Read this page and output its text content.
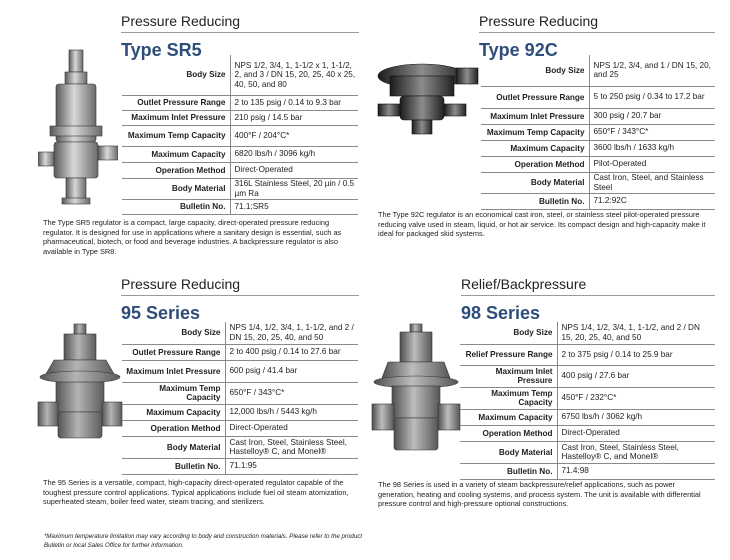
Pressure Reducing
Type SR5
Body Size	NPS 1/2, 3/4, 1, 1-1/2 x 1, 1-1/2, 2, and 3 / DN 15, 20, 25, 40 x 25, 40, 50, and 80
Outlet Pressure Range	2 to 135 psig / 0.14 to 9.3 bar
Maximum Inlet Pressure	210 psig / 14.5 bar
Maximum Temp Capacity	400°F / 204°C*
Maximum Capacity	6820 lbs/h / 3096 kg/h
Operation Method	Direct-Operated
Body Material	316L Stainless Steel, 20 µin / 0.5 µm Ra
Bulletin No.	71.1:SR5

The Type SR5 regulator is a compact, large capacity, direct-operated pressure reducing regulator. It is designed for use in applications where a sanitary design is essential, such as pharmaceutical, biotech, or food and beverage industries. A backpressure regulator is also available in Type SR8.

Pressure Reducing
Type 92C
Body Size	NPS 1/2, 3/4, and 1 / DN 15, 20, and 25
Outlet Pressure Range	5 to 250 psig / 0.34 to 17.2 bar
Maximum Inlet Pressure	300 psig / 20.7 bar
Maximum Temp Capacity	650°F / 343°C*
Maximum Capacity	3600 lbs/h / 1633 kg/h
Operation Method	Pilot-Operated
Body Material	Cast Iron, Steel, and Stainless Steel
Bulletin No.	71.2:92C

The Type 92C regulator is an economical cast iron, steel, or stainless steel pilot-operated pressure reducing valve used in steam, liquid, or hot air service. Its compact design and high-capacity make it ideal for packaged skid systems.

Pressure Reducing
95 Series
Body Size	NPS 1/4, 1/2, 3/4, 1, 1-1/2, and 2 / DN 15, 20, 25, 40, and 50
Outlet Pressure Range	2 to 400 psig / 0.14 to 27.6 bar
Maximum Inlet Pressure	600 psig / 41.4 bar
Maximum Temp Capacity	650°F / 343°C*
Maximum Capacity	12,000 lbs/h / 5443 kg/h
Operation Method	Direct-Operated
Body Material	Cast Iron, Steel, Stainless Steel, Hastelloy® C, and Monel®
Bulletin No.	71.1:95

The 95 Series is a versatile, compact, high-capacity direct-operated regulator capable of the toughest pressure control applications. Typical applications include fuel oil steam atomization, superheated steam, boiler feed water, steam tracing, and sterilizers.

Relief/Backpressure
98 Series
Body Size	NPS 1/4, 1/2, 3/4, 1, 1-1/2, and 2 / DN 15, 20, 25, 40, and 50
Relief Pressure Range	2 to 375 psig / 0.14 to 25.9 bar
Maximum Inlet Pressure	400 psig / 27.6 bar
Maximum Temp Capacity	450°F / 232°C*
Maximum Capacity	6750 lbs/h / 3062 kg/h
Operation Method	Direct-Operated
Body Material	Cast Iron, Steel, Stainless Steel, Hastelloy® C, and Monel®
Bulletin No.	71.4:98

The 98 Series is used in a variety of steam backpressure/relief applications, such as power generation, heating and cooling systems, and process system. The unit is available with differential pressure control and high-pressure optional constructions.

*Maximum temperature limitation may vary according to body and construction materials. Please refer to the product Bulletin or local Sales Office for further information.
